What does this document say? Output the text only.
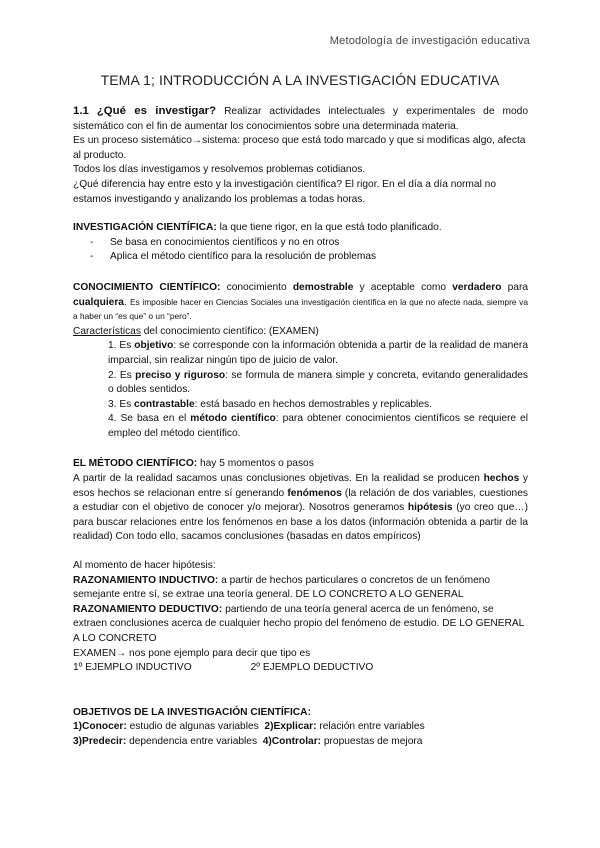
Metodología de investigación educativa
TEMA 1; INTRODUCCIÓN A LA INVESTIGACIÓN EDUCATIVA

1.1 ¿Qué es investigar? Realizar actividades intelectuales y experimentales de modo sistemático con el fin de aumentar los conocimientos sobre una determinada materia.

Es un proceso sistemático→sistema: proceso que está todo marcado y que si modificas algo, afecta al producto.

Todos los días investigamos y resolvemos problemas cotidianos.

¿Qué diferencia hay entre esto y la investigación científica? El rigor. En el día a día normal no estamos investigando y analizando los problemas a todas horas.

INVESTIGACIÓN CIENTÍFICA: la que tiene rigor, en la que está todo planificado.

-	Se basa en conocimientos científicos y no en otros
-	Aplica el método científico para la resolución de problemas

CONOCIMIENTO CIENTÍFICO: conocimiento demostrable y aceptable como verdadero para cualquiera. Es imposible hacer en Ciencias Sociales una investigación científica en la que no afecte nada, siempre va a haber un “es que” o un “pero”.

Características del conocimiento científico: (EXAMEN)

1. Es objetivo: se corresponde con la información obtenida a partir de la realidad de manera imparcial, sin realizar ningún tipo de juicio de valor.

2. Es preciso y riguroso: se formula de manera simple y concreta, evitando generalidades o dobles sentidos.

3. Es contrastable: está basado en hechos demostrables y replicables.

4. Se basa en el método científico: para obtener conocimientos científicos se requiere el empleo del método científico.

EL MÉTODO CIENTÍFICO: hay 5 momentos o pasos

A partir de la realidad sacamos unas conclusiones objetivas. En la realidad se producen hechos y esos hechos se relacionan entre sí generando fenómenos (la relación de dos variables, cuestiones a estudiar con el objetivo de conocer y/o mejorar). Nosotros generamos hipótesis (yo creo que…) para buscar relaciones entre los fenómenos en base a los datos (información obtenida a partir de la realidad) Con todo ello, sacamos conclusiones (basadas en datos empíricos)

Al momento de hacer hipótesis:

RAZONAMIENTO INDUCTIVO: a partir de hechos particulares o concretos de un fenómeno semejante entre sí, se extrae una teoría general. DE LO CONCRETO A LO GENERAL

RAZONAMIENTO DEDUCTIVO: partiendo de una teoría general acerca de un fenómeno, se extraen conclusiones acerca de cualquier hecho propio del fenómeno de estudio. DE LO GENERAL A LO CONCRETO

EXAMEN→ nos pone ejemplo para decir que tipo es

1º EJEMPLO INDUCTIVO	2º EJEMPLO DEDUCTIVO

OBJETIVOS DE LA INVESTIGACIÓN CIENTÍFICA:

1)Conocer: estudio de algunas variables 2)Explicar: relación entre variables

3)Predecir: dependencia entre variables 4)Controlar: propuestas de mejora
